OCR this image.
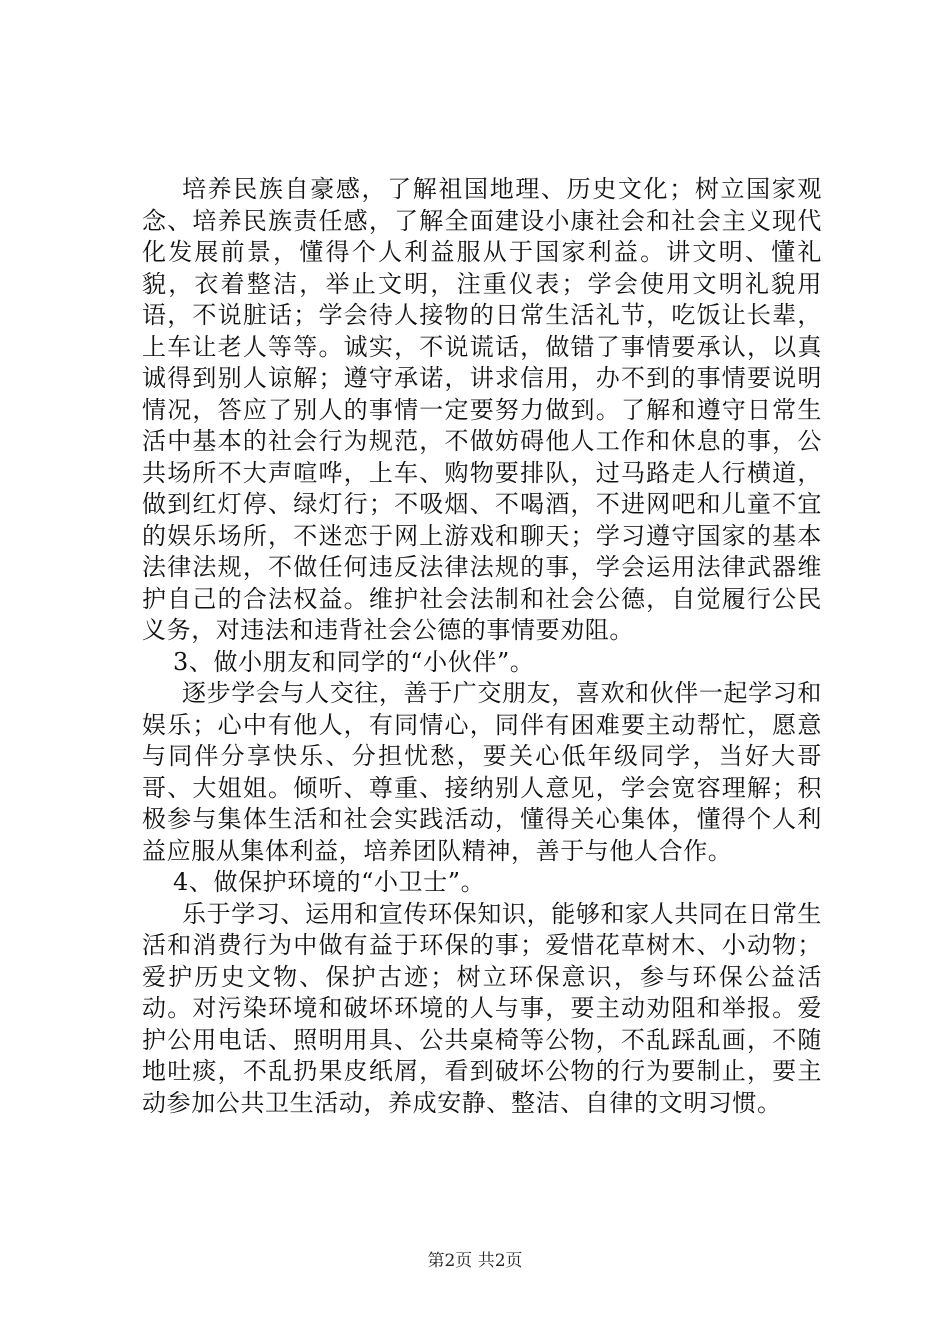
培养民族自豪感，了解祖国地理、历史文化；树立国家观念、培养民族责任感，了解全面建设小康社会和社会主义现代化发展前景，懂得个人利益服从于国家利益。讲文明、懂礼貌，衣着整洁，举止文明，注重仪表；学会使用文明礼貌用语，不说脏话；学会待人接物的日常生活礼节，吃饭让长辈，上车让老人等等。诚实，不说谎话，做错了事情要承认，以真诚得到别人谅解；遵守承诺，讲求信用，办不到的事情要说明情况，答应了别人的事情一定要努力做到。了解和遵守日常生活中基本的社会行为规范，不做妨碍他人工作和休息的事，公共场所不大声喧哗，上车、购物要排队，过马路走人行横道，做到红灯停、绿灯行；不吸烟、不喝酒，不进网吧和儿童不宜的娱乐场所，不迷恋于网上游戏和聊天；学习遵守国家的基本法律法规，不做任何违反法律法规的事，学会运用法律武器维护自己的合法权益。维护社会法制和社会公德，自觉履行公民义务，对违法和违背社会公德的事情要劝阻。

3、做小朋友和同学的“小伙伴”。

逐步学会与人交往，善于广交朋友，喜欢和伙伴一起学习和娱乐；心中有他人，有同情心，同伴有困难要主动帮忙，愿意与同伴分享快乐、分担忧愁，要关心低年级同学，当好大哥哥、大姐姐。倾听、尊重、接纳别人意见，学会宽容理解；积极参与集体生活和社会实践活动，懂得关心集体，懂得个人利益应服从集体利益，培养团队精神，善于与他人合作。

4、做保护环境的“小卫士”。

乐于学习、运用和宣传环保知识，能够和家人共同在日常生活和消费行为中做有益于环保的事；爱惜花草树木、小动物；爱护历史文物、保护古迹；树立环保意识，参与环保公益活动。对污染环境和破坏环境的人与事，要主动劝阻和举报。爱护公用电话、照明用具、公共桌椅等公物，不乱踩乱画，不随地吐痰，不乱扔果皮纸屑，看到破坏公物的行为要制止，要主动参加公共卫生活动，养成安静、整洁、自律的文明习惯。

第2页 共2页
